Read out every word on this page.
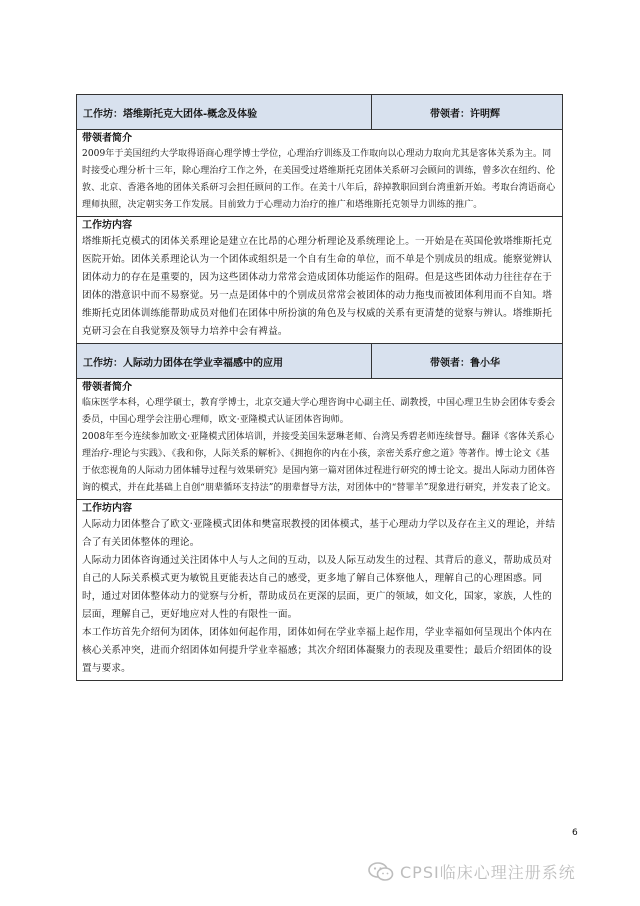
工作坊：塔维斯托克大团体-概念及体验	带领者：许明辉
带领者简介

2009年于美国纽约大学取得语商心理学博士学位，心理治疗训练及工作取向以心理动力取向尤其是客体关系为主。同时接受心理分析十三年，除心理治疗工作之外，在美国受过塔维斯托克团体关系研习会顾问的训练，曾多次在纽约、伦敦、北京、香港各地的团体关系研习会担任顾问的工作。在美十八年后，辞掉教职回到台湾重新开始。考取台湾语商心理师执照，决定朝实务工作发展。目前致力于心理动力治疗的推广和塔维斯托克领导力训练的推广。

工作坊内容

塔维斯托克模式的团体关系理论是建立在比昂的心理分析理论及系统理论上。一开始是在英国伦敦塔维斯托克医院开始。团体关系理论认为一个团体或组织是一个自有生命的单位，而不单是个别成员的组成。能察觉辨认团体动力的存在是重要的，因为这些团体动力常常会造成团体功能运作的阻碍。但是这些团体动力往往存在于团体的潜意识中而不易察觉。另一点是团体中的个别成员常常会被团体的动力拖曳而被团体利用而不自知。塔维斯托克团体训练能帮助成员对他们在团体中所扮演的角色及与权威的关系有更清楚的觉察与辨认。塔维斯托克研习会在自我觉察及领导力培养中会有裨益。

工作坊：人际动力团体在学业幸福感中的应用	带领者：鲁小华
带领者简介

临床医学本科，心理学硕士，教育学博士，北京交通大学心理咨询中心副主任、副教授，中国心理卫生协会团体专委会委员，中国心理学会注册心理师，欧文·亚隆模式认证团体咨询师。

2008年至今连续参加欧文·亚隆模式团体培训，并接受美国朱瑟琳老师、台湾吴秀碧老师连续督导。翻译《客体关系心理治疗-理论与实践》、《我和你，人际关系的解析》、《拥抱你的内在小孩，亲密关系疗愈之道》等著作。博士论文《基于依恋视角的人际动力团体辅导过程与效果研究》是国内第一篇对团体过程进行研究的博士论文。提出人际动力团体咨询的模式，并在此基础上自创“朋辈循环支持法”的朋辈督导方法，对团体中的“替罪羊”现象进行研究，并发表了论文。

工作坊内容

人际动力团体整合了欧文·亚隆模式团体和樊富珉教授的团体模式，基于心理动力学以及存在主义的理论，并结合了有关团体整体的理论。

人际动力团体咨询通过关注团体中人与人之间的互动，以及人际互动发生的过程、其背后的意义，帮助成员对自己的人际关系模式更为敏锐且更能表达自己的感受，更多地了解自己体察他人，理解自己的心理困惑。同时，通过对团体整体动力的觉察与分析，帮助成员在更深的层面，更广的领域，如文化，国家，家族，人性的层面，理解自己，更好地应对人性的有限性一面。

本工作坊首先介绍何为团体，团体如何起作用，团体如何在学业幸福上起作用，学业幸福如何呈现出个体内在核心关系冲突，进而介绍团体如何提升学业幸福感；其次介绍团体凝聚力的表现及重要性；最后介绍团体的设置与要求。

6
CPSI临床心理注册系统
